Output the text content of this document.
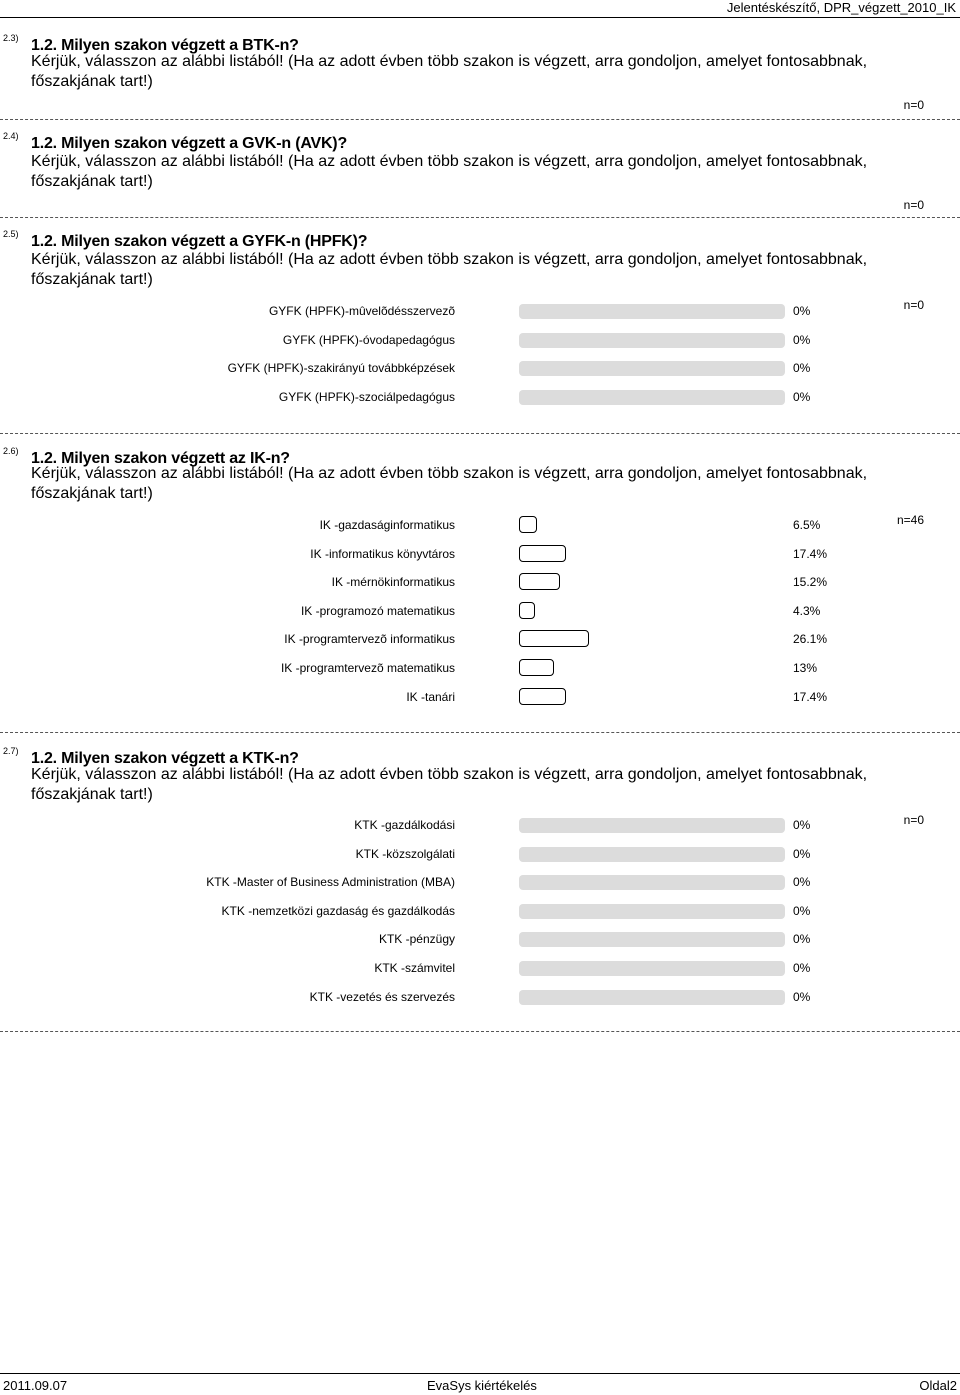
Jelentéskészítő, DPR_végzett_2010_IK
2.3) 1.2. Milyen szakon végzett a BTK-n?
Kérjük, válasszon az alábbi listából! (Ha az adott évben több szakon is végzett, arra gondoljon, amelyet fontosabbnak, főszakjának tart!)
n=0
2.4) 1.2. Milyen szakon végzett a GVK-n (AVK)?
Kérjük, válasszon az alábbi listából! (Ha az adott évben több szakon is végzett, arra gondoljon, amelyet fontosabbnak, főszakjának tart!)
n=0
2.5) 1.2. Milyen szakon végzett a GYFK-n (HPFK)?
Kérjük, válasszon az alábbi listából! (Ha az adott évben több szakon is végzett, arra gondoljon, amelyet fontosabbnak, főszakjának tart!)
n=0
GYFK (HPFK)-mûvelõdésszervezõ	0%
GYFK (HPFK)-óvodapedagógus	0%
GYFK (HPFK)-szakirányú továbbképzések	0%
GYFK (HPFK)-szociálpedagógus	0%
2.6) 1.2. Milyen szakon végzett az IK-n?
Kérjük, válasszon az alábbi listából! (Ha az adott évben több szakon is végzett, arra gondoljon, amelyet fontosabbnak, főszakjának tart!)
n=46
IK -gazdaságinformatikus	6.5%
IK -informatikus könyvtáros	17.4%
IK -mérnökinformatikus	15.2%
IK -programozó matematikus	4.3%
IK -programtervezõ informatikus	26.1%
IK -programtervezõ matematikus	13%
IK -tanári	17.4%
2.7) 1.2. Milyen szakon végzett a KTK-n?
Kérjük, válasszon az alábbi listából! (Ha az adott évben több szakon is végzett, arra gondoljon, amelyet fontosabbnak, főszakjának tart!)
n=0
KTK -gazdálkodási	0%
KTK -közszolgálati	0%
KTK -Master of Business Administration (MBA)	0%
KTK -nemzetközi gazdaság és gazdálkodás	0%
KTK -pénzügy	0%
KTK -számvitel	0%
KTK -vezetés és szervezés	0%
2011.09.07	EvaSys kiértékelés	Oldal2
